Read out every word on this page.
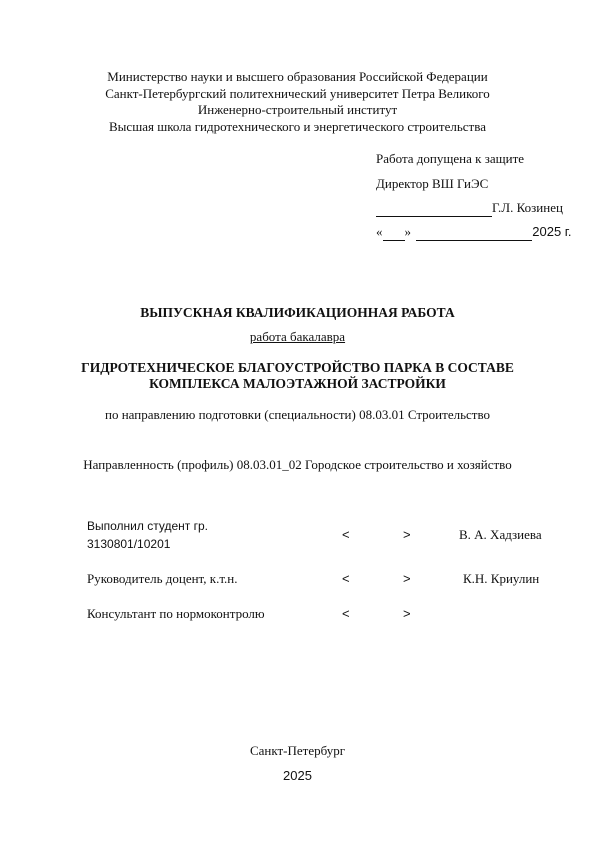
Министерство науки и высшего образования Российской Федерации
Санкт-Петербургский политехнический университет Петра Великого
Инженерно-строительный институт
Высшая школа гидротехнического и энергетического строительства
Работа допущена к защите
Директор ВШ ГиЭС
Г.Л. Козинец
« »	2025 г.
ВЫПУСКНАЯ КВАЛИФИКАЦИОННАЯ РАБОТА
работа бакалавра
ГИДРОТЕХНИЧЕСКОЕ БЛАГОУСТРОЙСТВО ПАРКА В СОСТАВЕ
КОМПЛЕКСА МАЛОЭТАЖНОЙ ЗАСТРОЙКИ
по направлению подготовки (специальности) 08.03.01 Строительство
Направленность (профиль) 08.03.01_02 Городское строительство и хозяйство
Выполнил студент гр.
3130801/10201
<	>	В. А. Хадзиева
Руководитель доцент, к.т.н.	<	>	К.Н. Криулин
Консультант по нормоконтролю	<	>
Санкт-Петербург
2025
